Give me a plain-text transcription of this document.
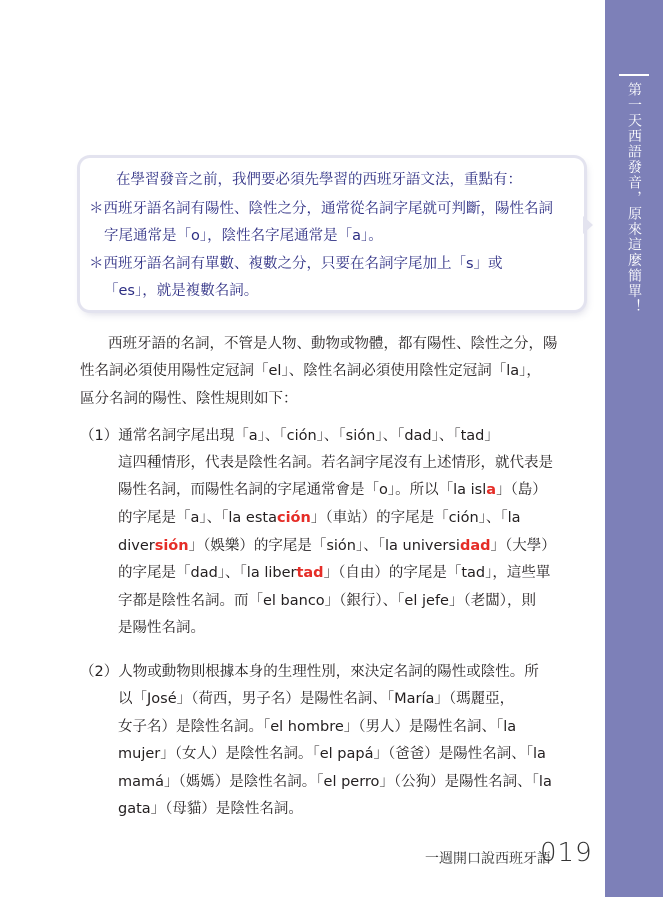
第一天西語發音，原來這麼簡單！
在學習發音之前，我們要必須先學習的西班牙語文法，重點有：
＊西班牙語名詞有陽性、陰性之分，通常從名詞字尾就可判斷，陽性名詞
字尾通常是「o」，陰性名字尾通常是「a」。
＊西班牙語名詞有單數、複數之分，只要在名詞字尾加上「s」或
「es」，就是複數名詞。
西班牙語的名詞，不管是人物、動物或物體，都有陽性、陰性之分，陽
性名詞必須使用陽性定冠詞「el」、陰性名詞必須使用陰性定冠詞「la」，
區分名詞的陽性、陰性規則如下：
（1）通常名詞字尾出現「a」、「ción」、「sión」、「dad」、「tad」
這四種情形，代表是陰性名詞。若名詞字尾沒有上述情形，就代表是
陽性名詞，而陽性名詞的字尾通常會是「o」。所以「la isla」（島）
的字尾是「a」、「la estación」（車站）的字尾是「ción」、「la
diversión」（娛樂）的字尾是「sión」、「la universidad」（大學）
的字尾是「dad」、「la libertad」（自由）的字尾是「tad」，這些單
字都是陰性名詞。而「el banco」（銀行）、「el jefe」（老闆），則
是陽性名詞。
（2）人物或動物則根據本身的生理性別，來決定名詞的陽性或陰性。所
以「José」（荷西，男子名）是陽性名詞、「María」（瑪麗亞，
女子名）是陰性名詞。「el hombre」（男人）是陽性名詞、「la
mujer」（女人）是陰性名詞。「el papá」（爸爸）是陽性名詞、「la
mamá」（媽媽）是陰性名詞。「el perro」（公狗）是陽性名詞、「la
gata」（母貓）是陰性名詞。
一週開口說西班牙語
019
